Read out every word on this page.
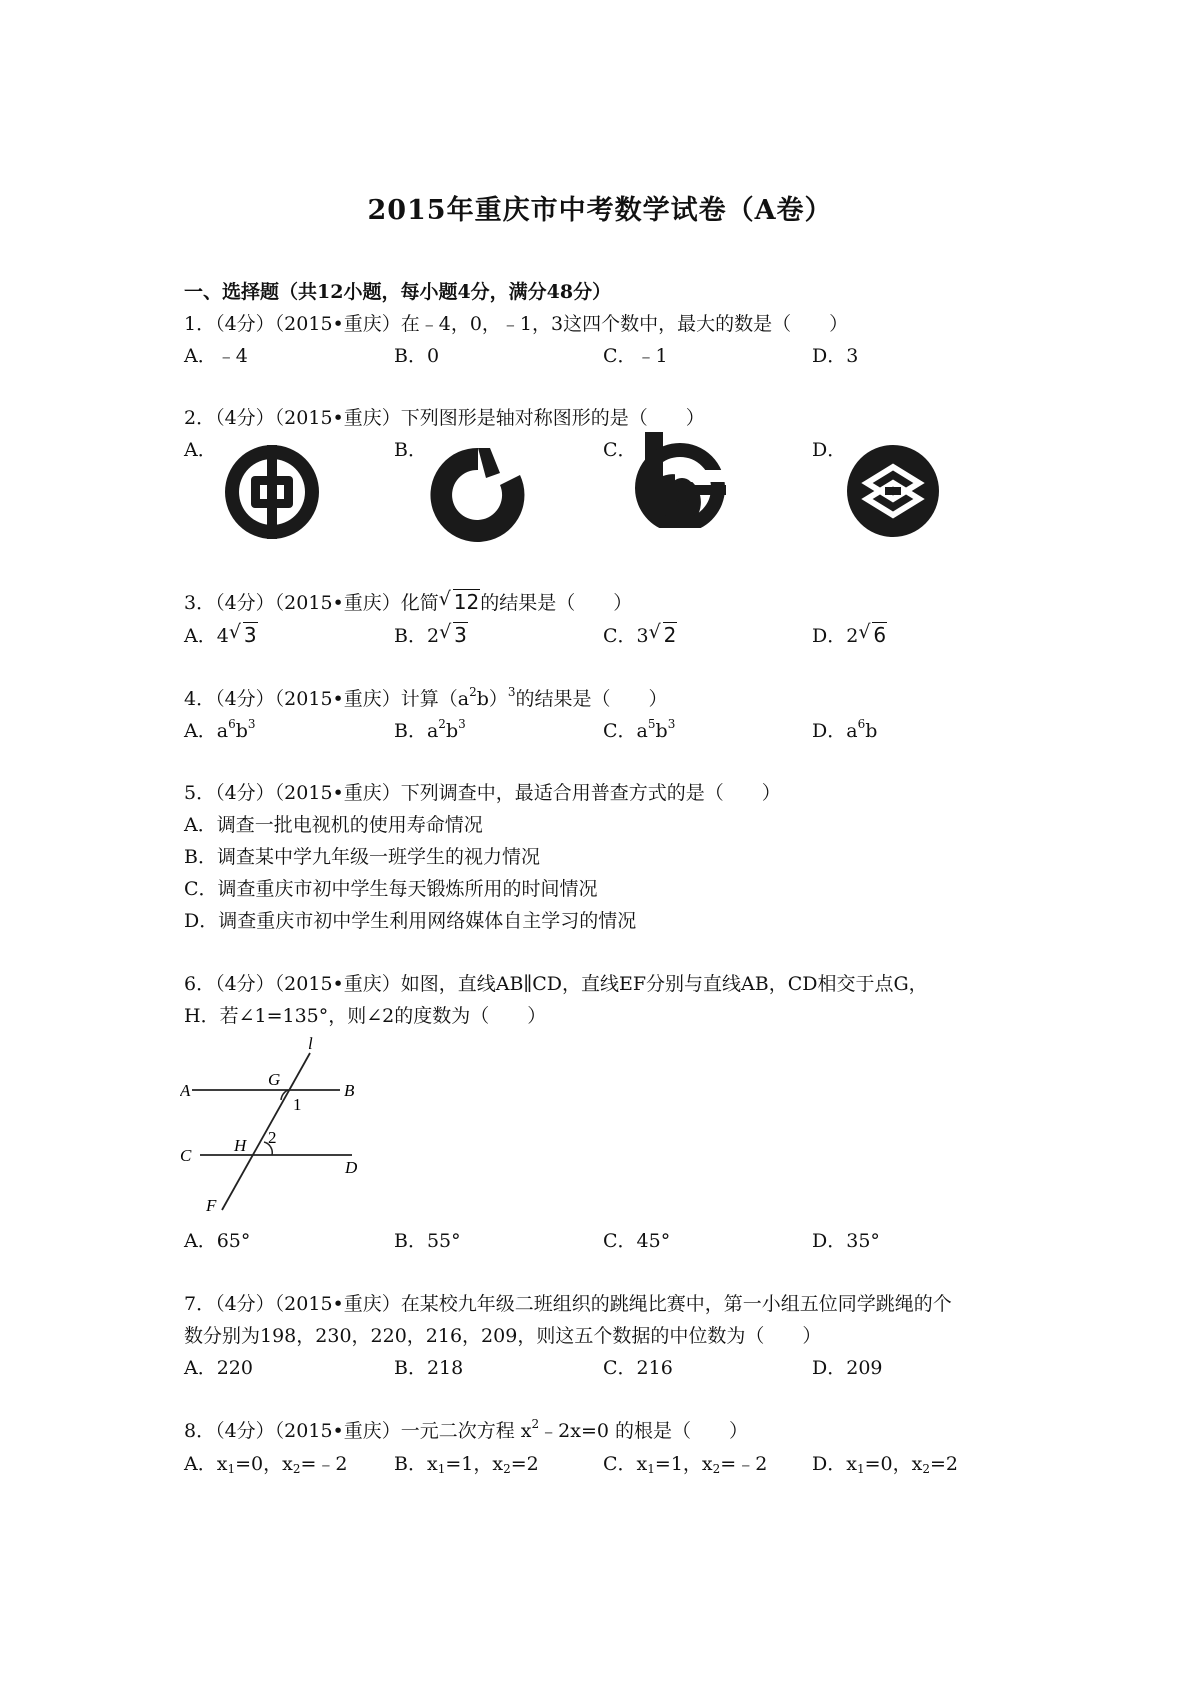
2015年重庆市中考数学试卷（A卷）
一、选择题（共12小题，每小题4分，满分48分）
1．（4分）（2015•重庆）在﹣4，0，﹣1，3这四个数中，最大的数是（　　）
A．﹣4	B．0	C．﹣1	D．3
2．（4分）（2015•重庆）下列图形是轴对称图形的是（　　）
A．	B．	C．	D．
3．（4分）（2015•重庆）化简 √ 12的结果是（　　）
A．4 √ 3	B．2 √ 3	C．3 √ 2	D．2 √ 6
4．（4分）（2015•重庆）计算$(a^2b)^3$的结果是（　　）
A．$a^6b^3$	B．$a^2b^3$	C．$a^5b^3$	D．$a^6b$
5．（4分）（2015•重庆）下列调查中，最适合用普查方式的是（　　）
A．调查一批电视机的使用寿命情况
B．调查某中学九年级一班学生的视力情况
C．调查重庆市初中学生每天锻炼所用的时间情况
D．调查重庆市初中学生利用网络媒体自主学习的情况
6．（4分）（2015•重庆）如图，直线AB∥CD，直线EF分别与直线AB，CD相交于点G，
H．若∠1=135°，则∠2的度数为（　　）
l
A
G
B
1
C
H 2
D
F
A．65°	B．55°	C．45°	D．35°
7．（4分）（2015•重庆）在某校九年级二班组织的跳绳比赛中，第一小组五位同学跳绳的个
数分别为198，230，220，216，209，则这五个数据的中位数为（　　）
A．220	B．218	C．216	D．209
8．（4分）（2015•重庆）一元二次方程 $x^2﹣2x=0$ 的根是（　　）
A．$x_1=0$，$x_2=﹣2$ B．$x_1=1$，$x_2=2$	C．$x_1=1$，$x_2=﹣2$ D．$x_1=0$，$x_2=2$
